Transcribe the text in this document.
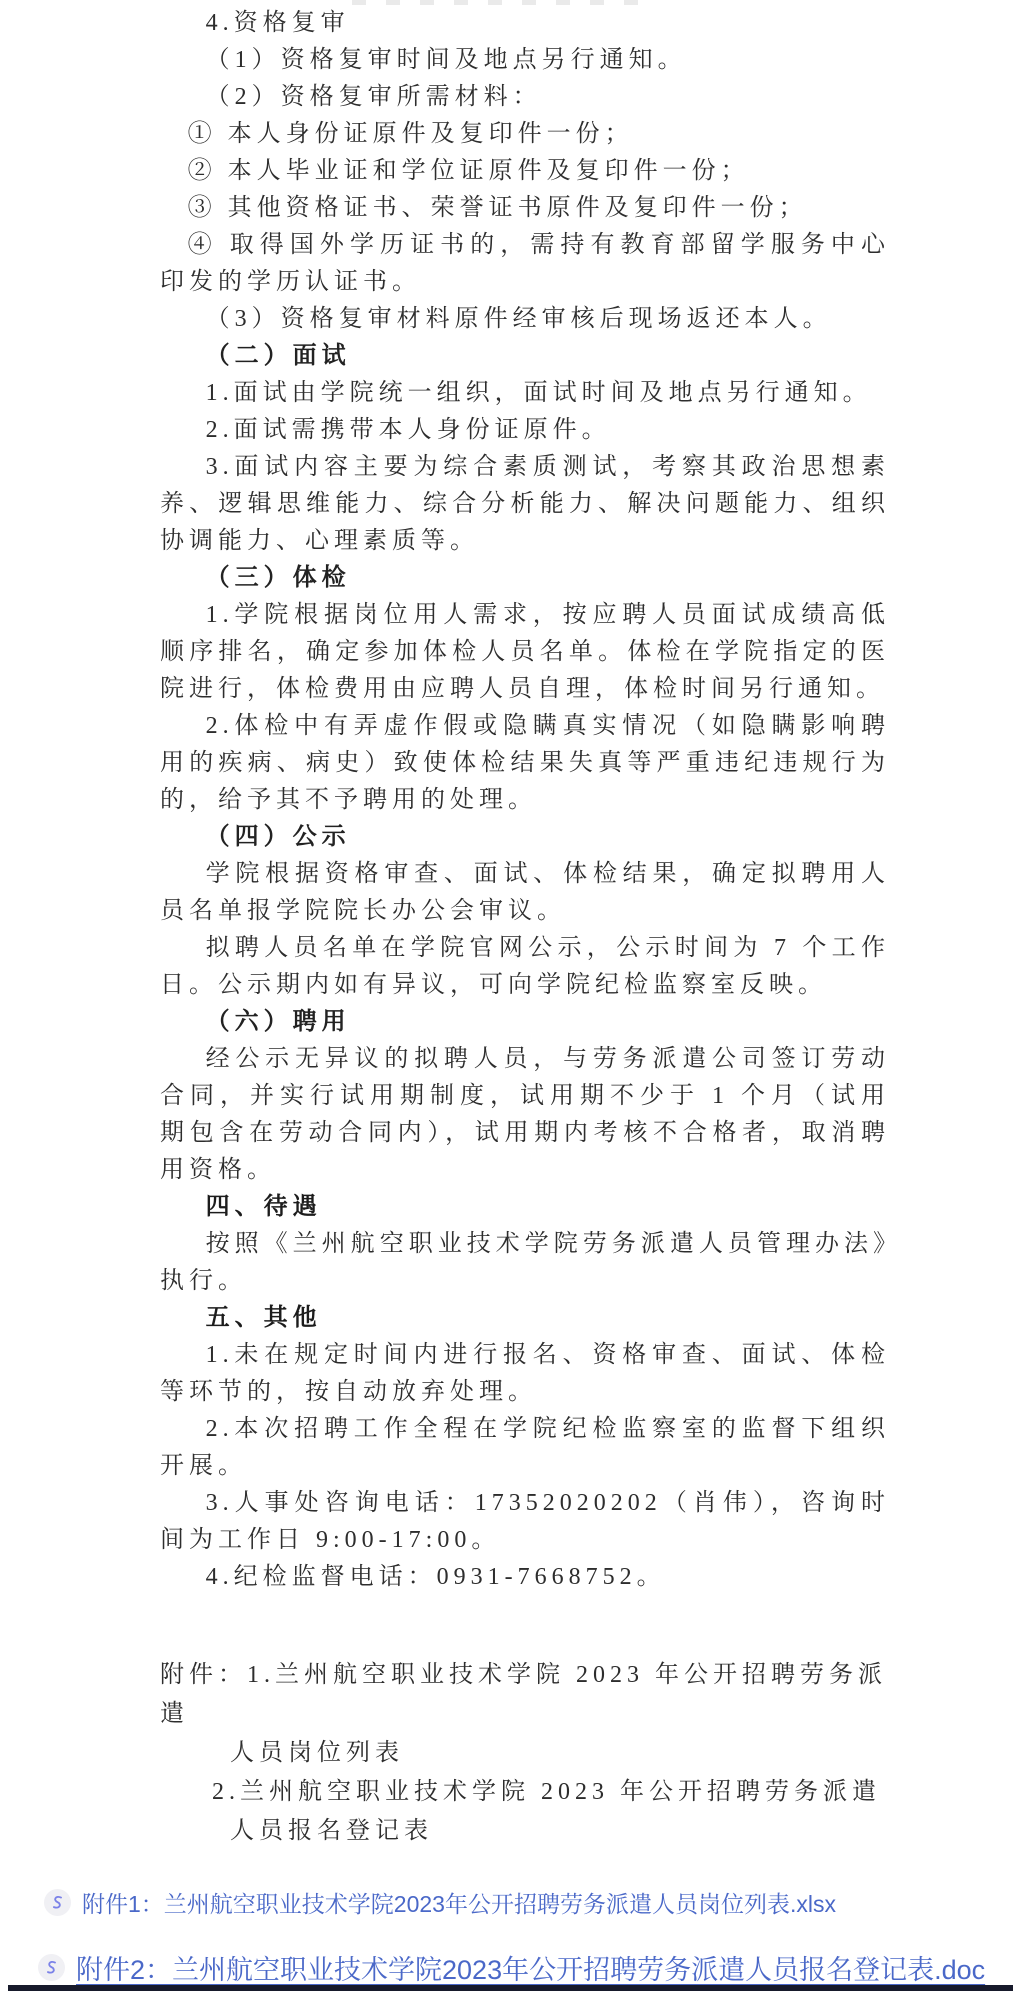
4.资格复审

（1）资格复审时间及地点另行通知。

（2）资格复审所需材料：

① 本人身份证原件及复印件一份；

② 本人毕业证和学位证原件及复印件一份；

③ 其他资格证书、荣誉证书原件及复印件一份；

④ 取得国外学历证书的，需持有教育部留学服务中心印发的学历认证书。

（3）资格复审材料原件经审核后现场返还本人。

（二）面试

1.面试由学院统一组织，面试时间及地点另行通知。

2.面试需携带本人身份证原件。

3.面试内容主要为综合素质测试，考察其政治思想素养、逻辑思维能力、综合分析能力、解决问题能力、组织协调能力、心理素质等。

（三）体检

1.学院根据岗位用人需求，按应聘人员面试成绩高低顺序排名，确定参加体检人员名单。体检在学院指定的医院进行，体检费用由应聘人员自理，体检时间另行通知。

2.体检中有弄虚作假或隐瞒真实情况（如隐瞒影响聘用的疾病、病史）致使体检结果失真等严重违纪违规行为的，给予其不予聘用的处理。

（四）公示

学院根据资格审查、面试、体检结果，确定拟聘用人员名单报学院院长办公会审议。

拟聘人员名单在学院官网公示，公示时间为 7 个工作日。公示期内如有异议，可向学院纪检监察室反映。

（六）聘用

经公示无异议的拟聘人员，与劳务派遣公司签订劳动合同，并实行试用期制度，试用期不少于 1 个月（试用期包含在劳动合同内），试用期内考核不合格者，取消聘用资格。

四、待遇

按照《兰州航空职业技术学院劳务派遣人员管理办法》执行。

五、其他

1.未在规定时间内进行报名、资格审查、面试、体检等环节的，按自动放弃处理。

2.本次招聘工作全程在学院纪检监察室的监督下组织开展。

3.人事处咨询电话：17352020202（肖伟），咨询时间为工作日 9:00-17:00。

4.纪检监督电话：0931-7668752。

附件：1.兰州航空职业技术学院 2023 年公开招聘劳务派遣

人员岗位列表

2.兰州航空职业技术学院 2023 年公开招聘劳务派遣

人员报名登记表

附件1：兰州航空职业技术学院2023年公开招聘劳务派遣人员岗位列表.xlsx
附件2：兰州航空职业技术学院2023年公开招聘劳务派遣人员报名登记表.doc
